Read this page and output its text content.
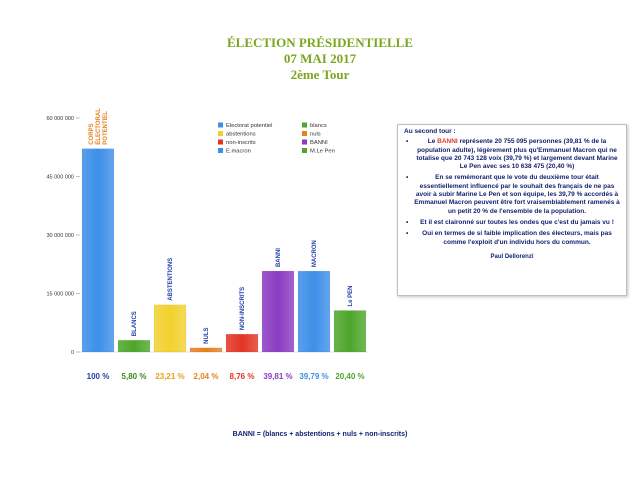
ÉLECTION PRÉSIDENTIELLE
07 MAI 2017
2ème Tour
0
15 000 000
30 000 000
45 000 000
60 000 000
CORPSÉLECTORALPOTENTIEL
BLANCS
ABSTENTIONS
NULS
NON-INSCRITS
BANNI	MACRON
Le PEN
Electorat potentiel	blancs
abstentions	nuls
non-inscrits	BANNI
E.macron	M.Le Pen
100 %	5,80 %	23,21 %	2,04 %	8,76 %	39,81 % 39,79 % 20,40 %
Au second tour :
• Le BANNI représente 20 755 095 personnes (39,81 % de la population adulte), légèrement plus qu'Emmanuel Macron qui ne totalise que 20 743 128 voix (39,79 %) et largement devant Marine Le Pen avec ses 10 638 475 (20,40 %)
• En se remémorant que le vote du deuxième tour était essentiellement influencé par le souhait des français de ne pas avoir à subir Marine Le Pen et son équipe, les 39,79 % accordés à Emmanuel Macron peuvent être fort vraisemblablement ramenés à un petit 20 % de l'ensemble de la population.
• Et il est claironné sur toutes les ondes que c'est du jamais vu !
• Oui en termes de si faible implication des électeurs, mais pas comme l'exploit d'un individu hors du commun.
Paul Dellorenzi
BANNI = (blancs + abstentions + nuls + non-inscrits)
